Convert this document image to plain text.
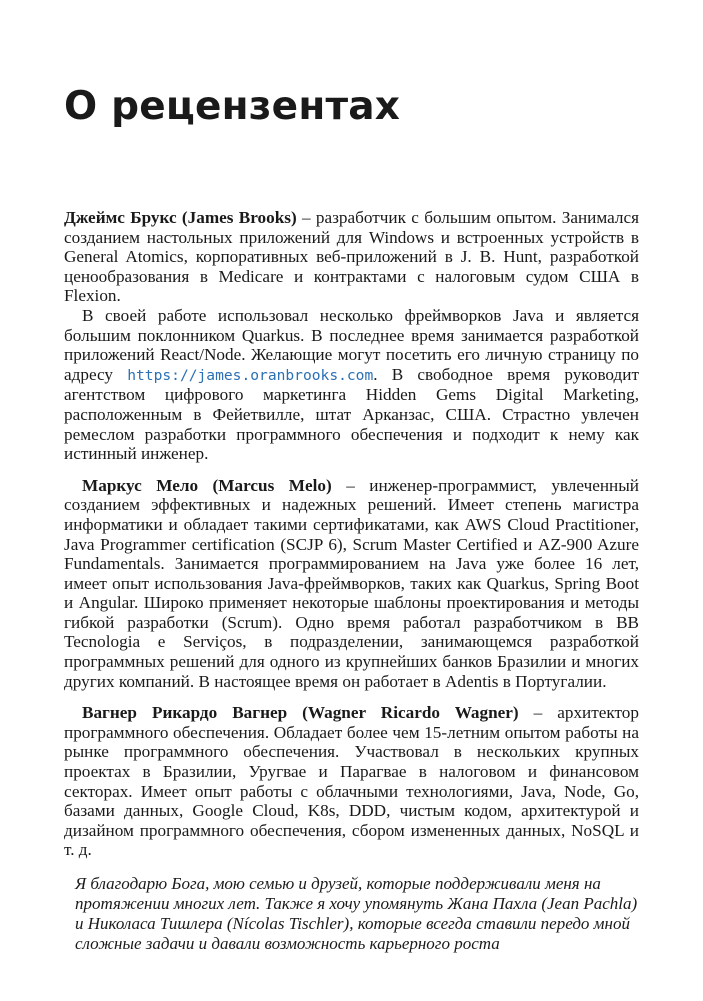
О рецензентах

Джеймс Брукс (James Brooks) – разработчик с большим опытом. Занимался созданием настольных приложений для Windows и встроенных устройств в General Atomics, корпоративных веб-приложений в J. B. Hunt, разработкой ценообразования в Medicare и контрактами с налоговым судом США в Flexion.

В своей работе использовал несколько фреймворков Java и является большим поклонником Quarkus. В последнее время занимается разработкой приложений React/Node. Желающие могут посетить его личную страницу по адресу https://james.oranbrooks.com. В свободное время руководит агентством цифрового маркетинга Hidden Gems Digital Marketing, расположенным в Фейетвилле, штат Арканзас, США. Страстно увлечен ремеслом разработки программного обеспечения и подходит к нему как истинный инженер.

Маркус Мело (Marcus Melo) – инженер-программист, увлеченный созданием эффективных и надежных решений. Имеет степень магистра информатики и обладает такими сертификатами, как AWS Cloud Practitioner, Java Programmer certification (SCJP 6), Scrum Master Certified и AZ-900 Azure Fundamentals. Занимается программированием на Java уже более 16 лет, имеет опыт использования Java-фреймворков, таких как Quarkus, Spring Boot и Angular. Широко применяет некоторые шаблоны проектирования и методы гибкой разработки (Scrum). Одно время работал разработчиком в BB Tecnologia e Serviços, в подразделении, занимающемся разработкой программных решений для одного из крупнейших банков Бразилии и многих других компаний. В настоящее время он работает в Adentis в Португалии.

Вагнер Рикардо Вагнер (Wagner Ricardo Wagner) – архитектор программного обеспечения. Обладает более чем 15-летним опытом работы на рынке программного обеспечения. Участвовал в нескольких крупных проектах в Бразилии, Уругвае и Парагвае в налоговом и финансовом секторах. Имеет опыт работы с облачными технологиями, Java, Node, Go, базами данных, Google Cloud, K8s, DDD, чистым кодом, архитектурой и дизайном программного обеспечения, сбором измененных данных, NoSQL и т. д.

Я благодарю Бога, мою семью и друзей, которые поддерживали меня на протяжении многих лет. Также я хочу упомянуть Жана Пахла (Jean Pachla) и Николаса Тишлера (Nícolas Tischler), которые всегда ставили передо мной сложные задачи и давали возможность карьерного роста
